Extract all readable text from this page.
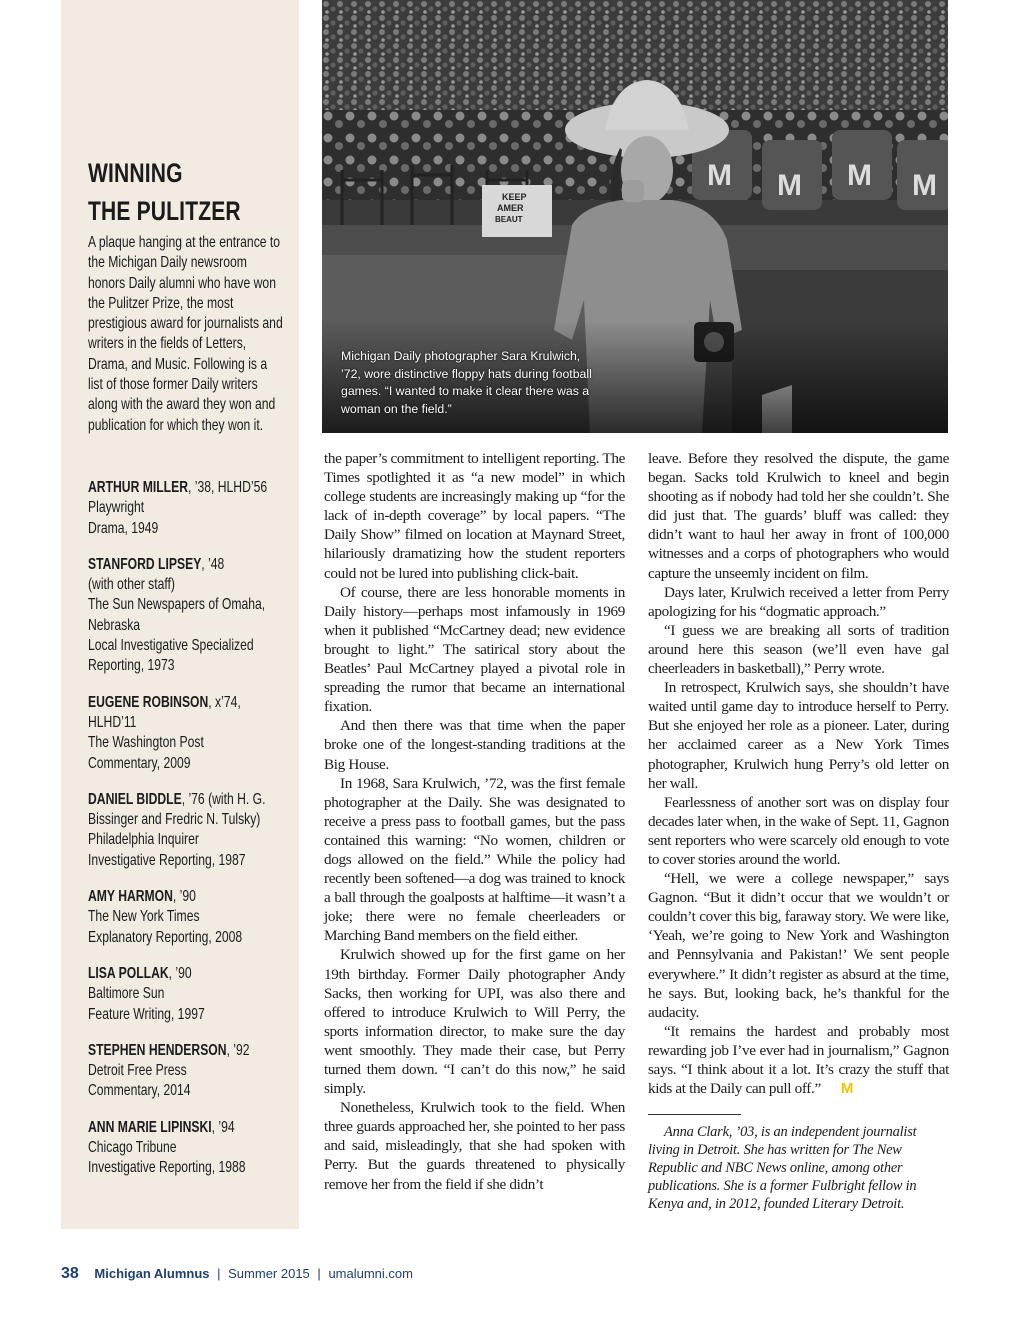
WINNING
THE PULITZER

A plaque hanging at the entrance to the Michigan Daily newsroom honors Daily alumni who have won the Pulitzer Prize, the most prestigious award for journalists and writers in the fields of Letters, Drama, and Music. Following is a list of those former Daily writers along with the award they won and publication for which they won it.

ARTHUR MILLER, ’38, HLHD’56
Playwright
Drama, 1949
STANFORD LIPSEY, ’48
(with other staff)
The Sun Newspapers of Omaha, Nebraska
Local Investigative Specialized Reporting, 1973
EUGENE ROBINSON, x’74, HLHD’11
The Washington Post
Commentary, 2009
DANIEL BIDDLE, ’76 (with H. G. Bissinger and Fredric N. Tulsky)
Philadelphia Inquirer
Investigative Reporting, 1987
AMY HARMON, ’90
The New York Times
Explanatory Reporting, 2008
LISA POLLAK, ’90
Baltimore Sun
Feature Writing, 1997
STEPHEN HENDERSON, ’92
Detroit Free Press
Commentary, 2014
ANN MARIE LIPINSKI, ’94
Chicago Tribune
Investigative Reporting, 1988
M M M M
KEEP
AMER
BEAUT

Michigan Daily photographer Sara Krulwich, ’72, wore distinctive floppy hats during football games. “I wanted to make it clear there was a woman on the field.”

the paper’s commitment to intelligent reporting. The Times spotlighted it as “a new model” in which college students are increasingly making up “for the lack of in-depth coverage” by local papers. “The Daily Show” filmed on location at Maynard Street, hilariously dramatizing how the student reporters could not be lured into publishing click-bait.

Of course, there are less honorable moments in Daily history—perhaps most infamously in 1969 when it published “McCartney dead; new evidence brought to light.” The satirical story about the Beatles’ Paul McCartney played a pivotal role in spreading the rumor that became an international fixation.

And then there was that time when the paper broke one of the longest-standing traditions at the Big House.

In 1968, Sara Krulwich, ’72, was the first female photographer at the Daily. She was designated to receive a press pass to football games, but the pass contained this warning: “No women, children or dogs allowed on the field.” While the policy had recently been softened—a dog was trained to knock a ball through the goalposts at halftime—it wasn’t a joke; there were no female cheerleaders or Marching Band members on the field either.

Krulwich showed up for the first game on her 19th birthday. Former Daily photographer Andy Sacks, then working for UPI, was also there and offered to introduce Krulwich to Will Perry, the sports information director, to make sure the day went smoothly. They made their case, but Perry turned them down. “I can’t do this now,” he said simply.

Nonetheless, Krulwich took to the field. When three guards approached her, she pointed to her pass and said, misleadingly, that she had spoken with Perry. But the guards threatened to physically remove her from the field if she didn’t

leave. Before they resolved the dispute, the game began. Sacks told Krulwich to kneel and begin shooting as if nobody had told her she couldn’t. She did just that. The guards’ bluff was called: they didn’t want to haul her away in front of 100,000 witnesses and a corps of photographers who would capture the unseemly incident on film.

Days later, Krulwich received a letter from Perry apologizing for his “dogmatic approach.”

“I guess we are breaking all sorts of tradition around here this season (we’ll even have gal cheerleaders in basketball),” Perry wrote.

In retrospect, Krulwich says, she shouldn’t have waited until game day to introduce herself to Perry. But she enjoyed her role as a pioneer. Later, during her acclaimed career as a New York Times photographer, Krulwich hung Perry’s old letter on her wall.

Fearlessness of another sort was on display four decades later when, in the wake of Sept. 11, Gagnon sent reporters who were scarcely old enough to vote to cover stories around the world.

“Hell, we were a college newspaper,” says Gagnon. “But it didn’t occur that we wouldn’t or couldn’t cover this big, faraway story. We were like, ‘Yeah, we’re going to New York and Washington and Pennsylvania and Pakistan!’ We sent people everywhere.” It didn’t register as absurd at the time, he says. But, looking back, he’s thankful for the audacity.

“It remains the hardest and probably most rewarding job I’ve ever had in journalism,” Gagnon says. “I think about it a lot. It’s crazy the stuff that kids at the Daily can pull off.” M

Anna Clark, ’03, is an independent journalist living in Detroit. She has written for The New Republic and NBC News online, among other publications. She is a former Fulbright fellow in Kenya and, in 2012, founded Literary Detroit.

38 Michigan Alumnus | Summer 2015 | umalumni.com
